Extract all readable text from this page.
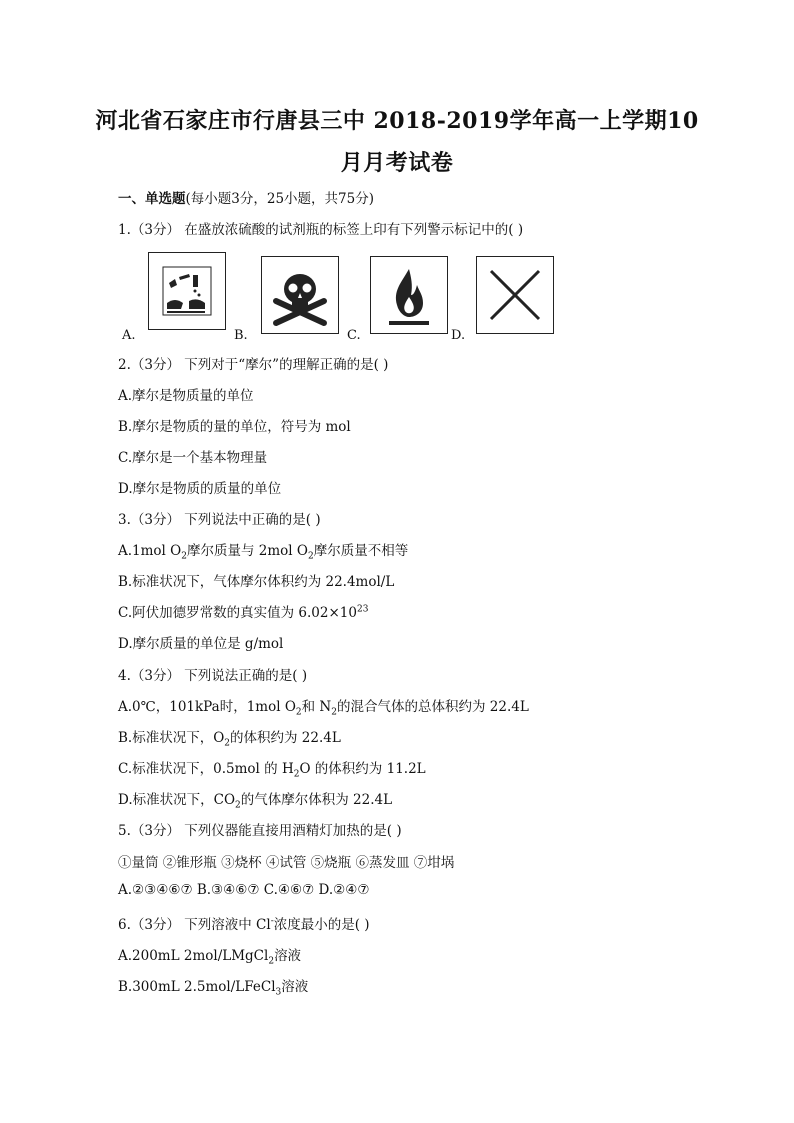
河北省石家庄市行唐县三中 2018-2019学年高一上学期10
月月考试卷
一、单选题(每小题3分，25小题，共75分)
1.（3分） 在盛放浓硫酸的试剂瓶的标签上印有下列警示标记中的( )
A.	B.	C.	D.
2.（3分） 下列对于“摩尔”的理解正确的是( )
A.摩尔是物质量的单位
B.摩尔是物质的量的单位，符号为 mol
C.摩尔是一个基本物理量
D.摩尔是物质的质量的单位
3.（3分） 下列说法中正确的是( )
A.1mol $O_2$摩尔质量与 2mol $O_2$摩尔质量不相等
B.标准状况下，气体摩尔体积约为 22.4mol/L
C.阿伏加德罗常数的真实值为 $6.02\times 10^{23}$
D.摩尔质量的单位是 g/mol
4.（3分） 下列说法正确的是( )
A.0℃，101kPa时，1mol $O_2$和 $N_2$的混合气体的总体积约为 22.4L
B.标准状况下，$O_2$的体积约为 22.4L
C.标准状况下，0.5mol 的 $H_2O$ 的体积约为 11.2L
D.标准状况下，$CO_2$的气体摩尔体积为 22.4L
5.（3分） 下列仪器能直接用酒精灯加热的是( )
①量筒 ②锥形瓶 ③烧杯 ④试管 ⑤烧瓶 ⑥蒸发皿 ⑦坩埚
A.②③④⑥⑦ B.③④⑥⑦ C.④⑥⑦ D.②④⑦
6.（3分） 下列溶液中 Cl-浓度最小的是( )
A.200mL 2mol/LMgCl$_2$溶液
B.300mL 2.5mol/LFeCl$_3$溶液
